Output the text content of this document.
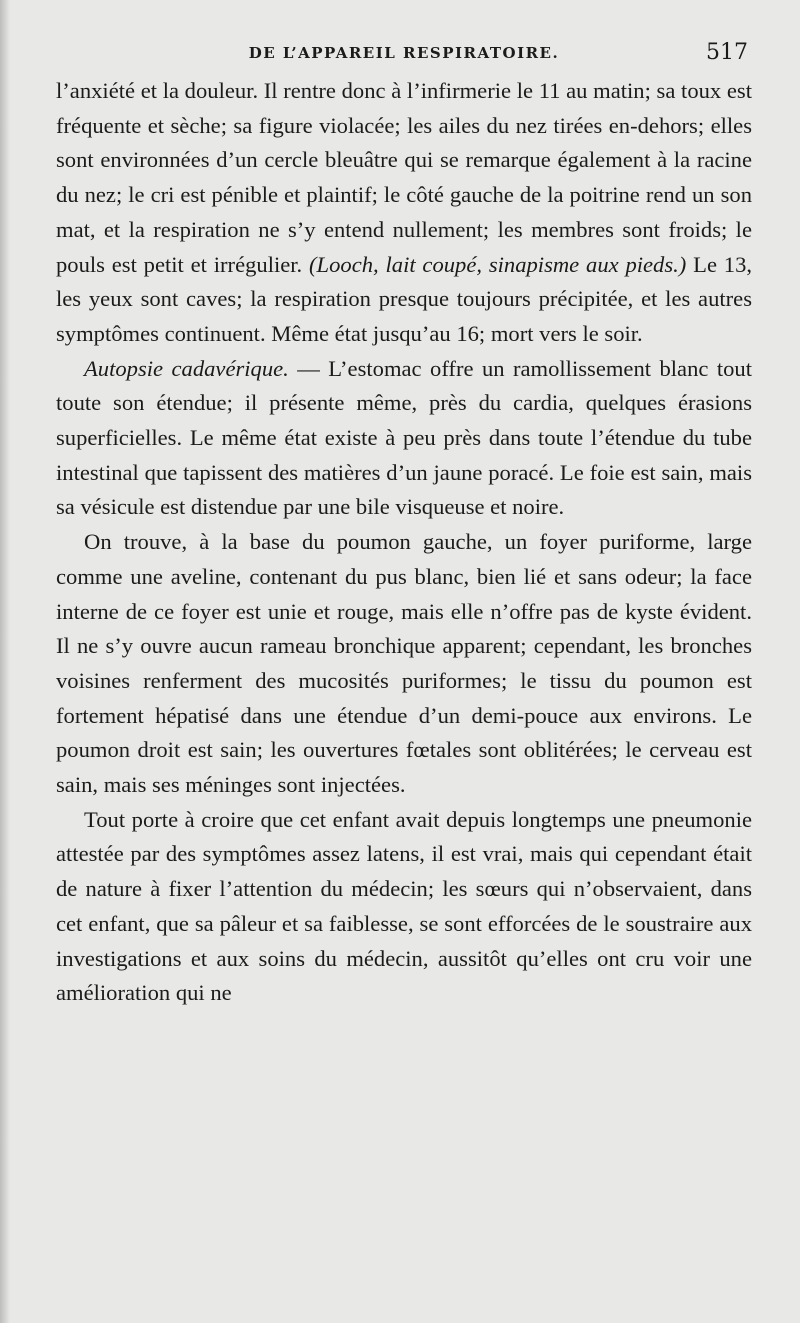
DE L’APPAREIL RESPIRATOIRE.	517

l’anxiété et la douleur. Il rentre donc à l’infirmerie le 11 au matin; sa toux est fréquente et sèche; sa figure violacée; les ailes du nez tirées en-dehors; elles sont environnées d’un cercle bleuâtre qui se remarque également à la racine du nez; le cri est pénible et plaintif; le côté gauche de la poitrine rend un son mat, et la respiration ne s’y entend nullement; les membres sont froids; le pouls est petit et irrégulier. (Looch, lait coupé, sinapisme aux pieds.) Le 13, les yeux sont caves; la respiration presque toujours précipitée, et les autres symptômes continuent. Même état jusqu’au 16; mort vers le soir.

Autopsie cadavérique. — L’estomac offre un ramollissement blanc tout toute son étendue; il présente même, près du cardia, quelques érasions superficielles. Le même état existe à peu près dans toute l’étendue du tube intestinal que tapissent des matières d’un jaune poracé. Le foie est sain, mais sa vésicule est distendue par une bile visqueuse et noire.

On trouve, à la base du poumon gauche, un foyer puriforme, large comme une aveline, contenant du pus blanc, bien lié et sans odeur; la face interne de ce foyer est unie et rouge, mais elle n’offre pas de kyste évident. Il ne s’y ouvre aucun rameau bronchique apparent; cependant, les bronches voisines renferment des mucosités puriformes; le tissu du poumon est fortement hépatisé dans une étendue d’un demi-pouce aux environs. Le poumon droit est sain; les ouvertures fœtales sont oblitérées; le cerveau est sain, mais ses méninges sont injectées.

Tout porte à croire que cet enfant avait depuis longtemps une pneumonie attestée par des symptômes assez latens, il est vrai, mais qui cependant était de nature à fixer l’attention du médecin; les sœurs qui n’observaient, dans cet enfant, que sa pâleur et sa faiblesse, se sont efforcées de le soustraire aux investigations et aux soins du médecin, aussitôt qu’elles ont cru voir une amélioration qui ne
